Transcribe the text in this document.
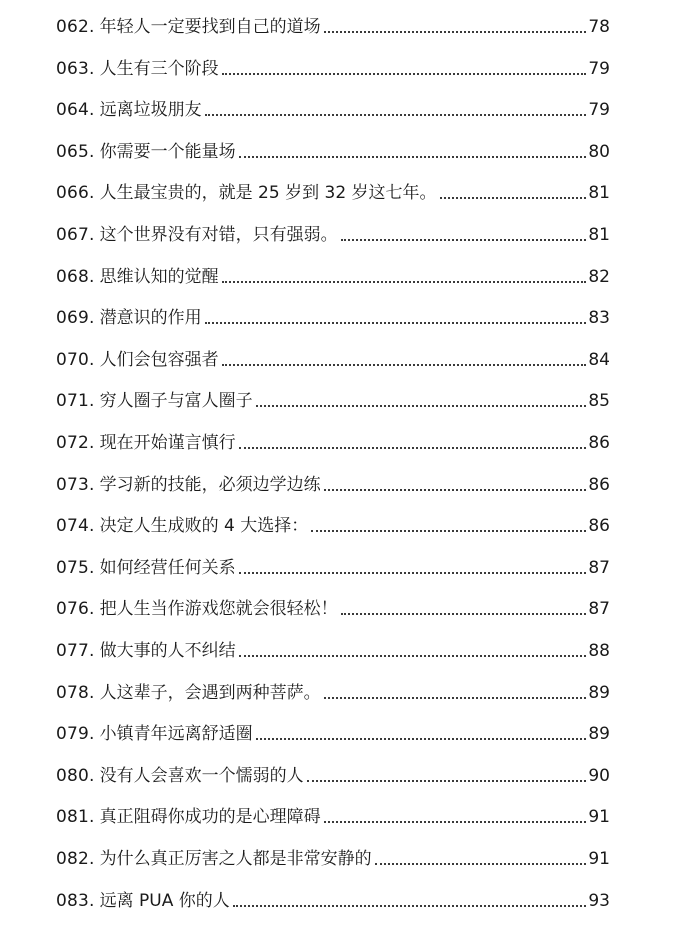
062. 年轻人一定要找到自己的道场	78
063. 人生有三个阶段	79
064. 远离垃圾朋友	79
065. 你需要一个能量场	80
066. 人生最宝贵的，就是 25 岁到 32 岁这七年。	81
067. 这个世界没有对错，只有强弱。	81
068. 思维认知的觉醒	82
069. 潜意识的作用	83
070. 人们会包容强者	84
071. 穷人圈子与富人圈子	85
072. 现在开始谨言慎行	86
073. 学习新的技能，必须边学边练	86
074. 决定人生成败的 4 大选择：	86
075. 如何经营任何关系	87
076. 把人生当作游戏您就会很轻松！	87
077. 做大事的人不纠结	88
078. 人这辈子，会遇到两种菩萨。	89
079. 小镇青年远离舒适圈	89
080. 没有人会喜欢一个懦弱的人	90
081. 真正阻碍你成功的是心理障碍	91
082. 为什么真正厉害之人都是非常安静的	91
083. 远离 PUA 你的人	93
